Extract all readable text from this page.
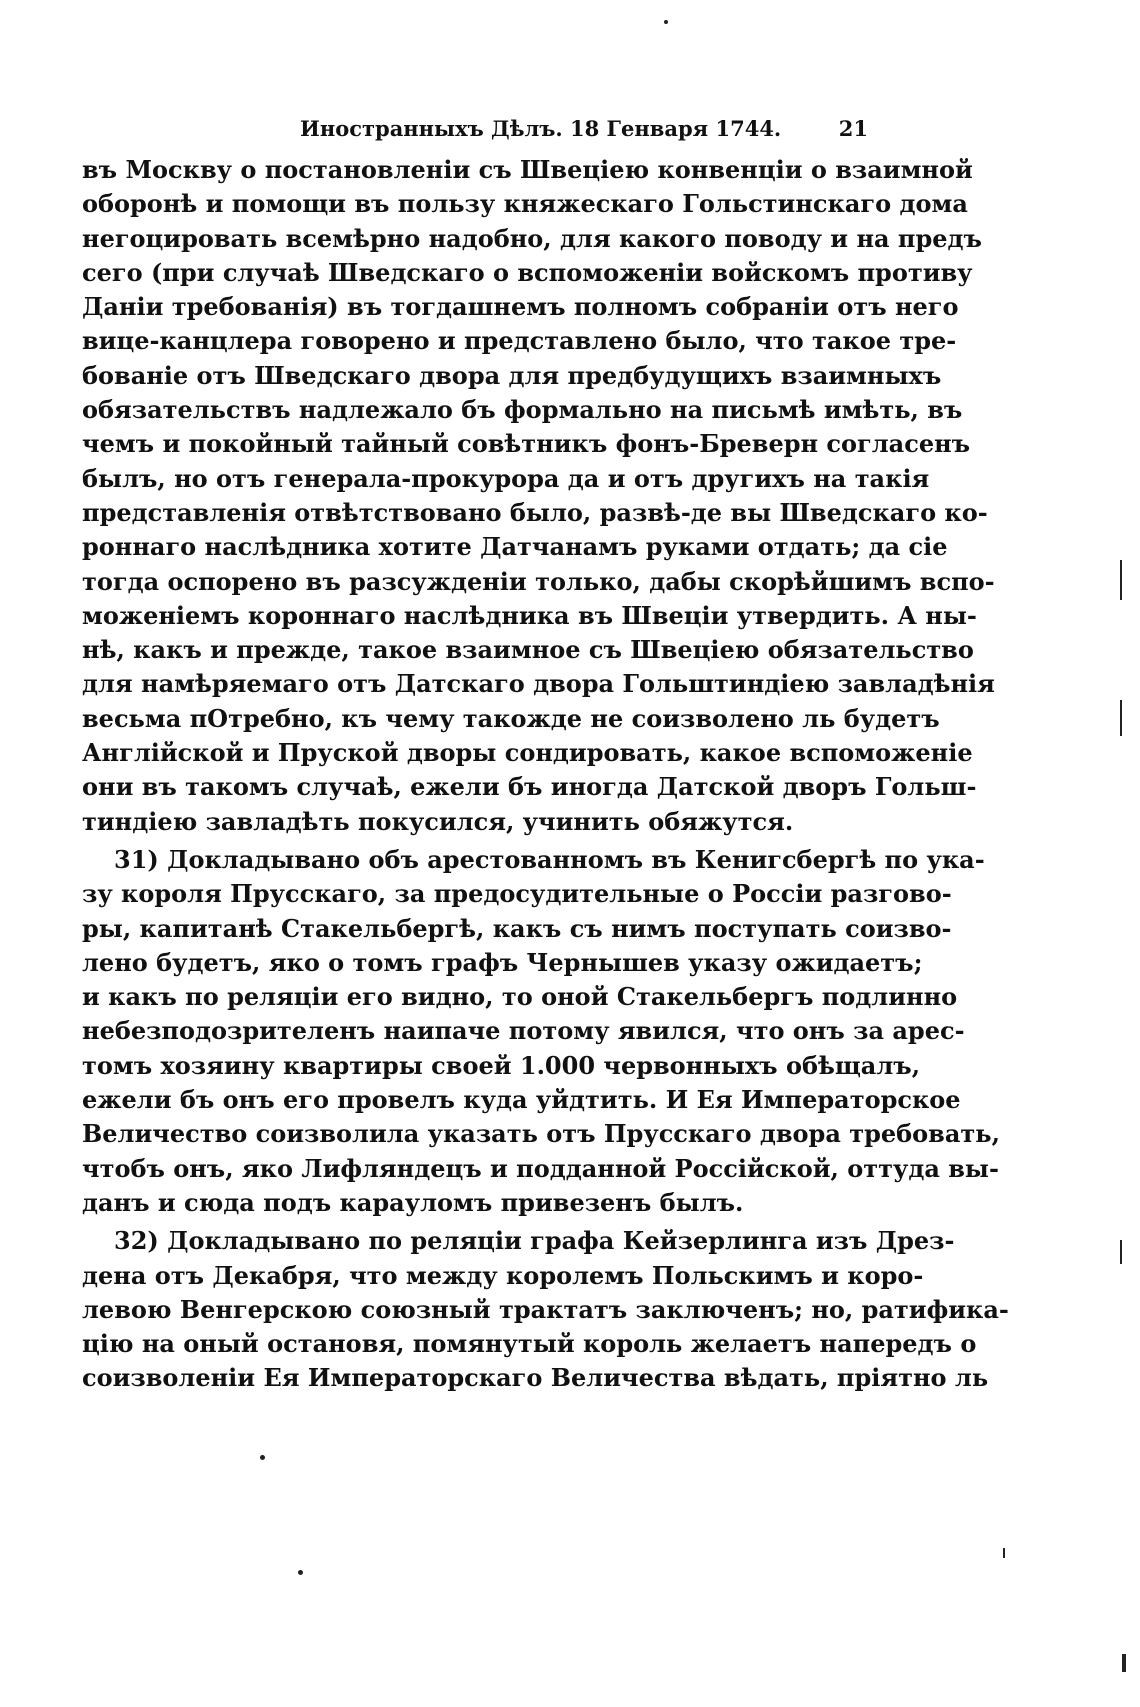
Иностранныхъ Дѣлъ. 18 Генваря 1744.	21
въ Москву о постановленіи съ Швеціею конвенціи о взаимной
оборонѣ и помощи въ пользу княжескаго Гольстинскаго дома
негоцировать всемѣрно надобно, для какого поводу и на предъ
сего (при случаѣ Шведскаго о вспоможеніи войскомъ противу
Даніи требованія) въ тогдашнемъ полномъ собраніи отъ него
вице-канцлера говорено и представлено было, что такое тре-
бованіе отъ Шведскаго двора для предбудущихъ взаимныхъ
обязательствъ надлежало бъ формально на письмѣ имѣть, въ
чемъ и покойный тайный совѣтникъ фонъ-Бреверн согласенъ
былъ, но отъ генерала-прокурора да и отъ другихъ на такія
представленія отвѣтствовано было, развѣ-де вы Шведскаго ко-
роннаго наслѣдника хотите Датчанамъ руками отдать; да сіе
тогда оспорено въ разсужденіи только, дабы скорѣйшимъ вспо-
моженіемъ короннаго наслѣдника въ Швеціи утвердить. А ны-
нѣ, какъ и прежде, такое взаимное съ Швеціею обязательство
для намѣряемаго отъ Датскаго двора Гольштиндіею завладѣнія
весьма пОтребно, къ чему такожде не соизволено ль будетъ
Англійской и Пруской дворы сондировать, какое вспоможеніе
они въ такомъ случаѣ, ежели бъ иногда Датской дворъ Гольш-
тиндіею завладѣть покусился, учинить обяжутся.
31) Докладывано объ арестованномъ въ Кенигсбергѣ по ука-
зу короля Прусскаго, за предосудительные о Россіи разгово-
ры, капитанѣ Стакельбергѣ, какъ съ нимъ поступать соизво-
лено будетъ, яко о томъ графъ Чернышев указу ожидаетъ;
и какъ по реляціи его видно, то оной Стакельбергъ подлинно
небезподозрителенъ наипаче потому явился, что онъ за арес-
томъ хозяину квартиры своей 1.000 червонныхъ обѣщалъ,
ежели бъ онъ его провелъ куда уйдтить. И Ея Императорское
Величество соизволила указать отъ Прусскаго двора требовать,
чтобъ онъ, яко Лифляндецъ и подданной Россійской, оттуда вы-
данъ и сюда подъ карауломъ привезенъ былъ.
32) Докладывано по реляціи графа Кейзерлинга изъ Дрез-
дена отъ Декабря, что между королемъ Польскимъ и коро-
левою Венгерскою союзный трактатъ заключенъ; но, ратифика-
цію на оный остановя, помянутый король желаетъ напередъ о
соизволеніи Ея Императорскаго Величества вѣдать, пріятно ль
